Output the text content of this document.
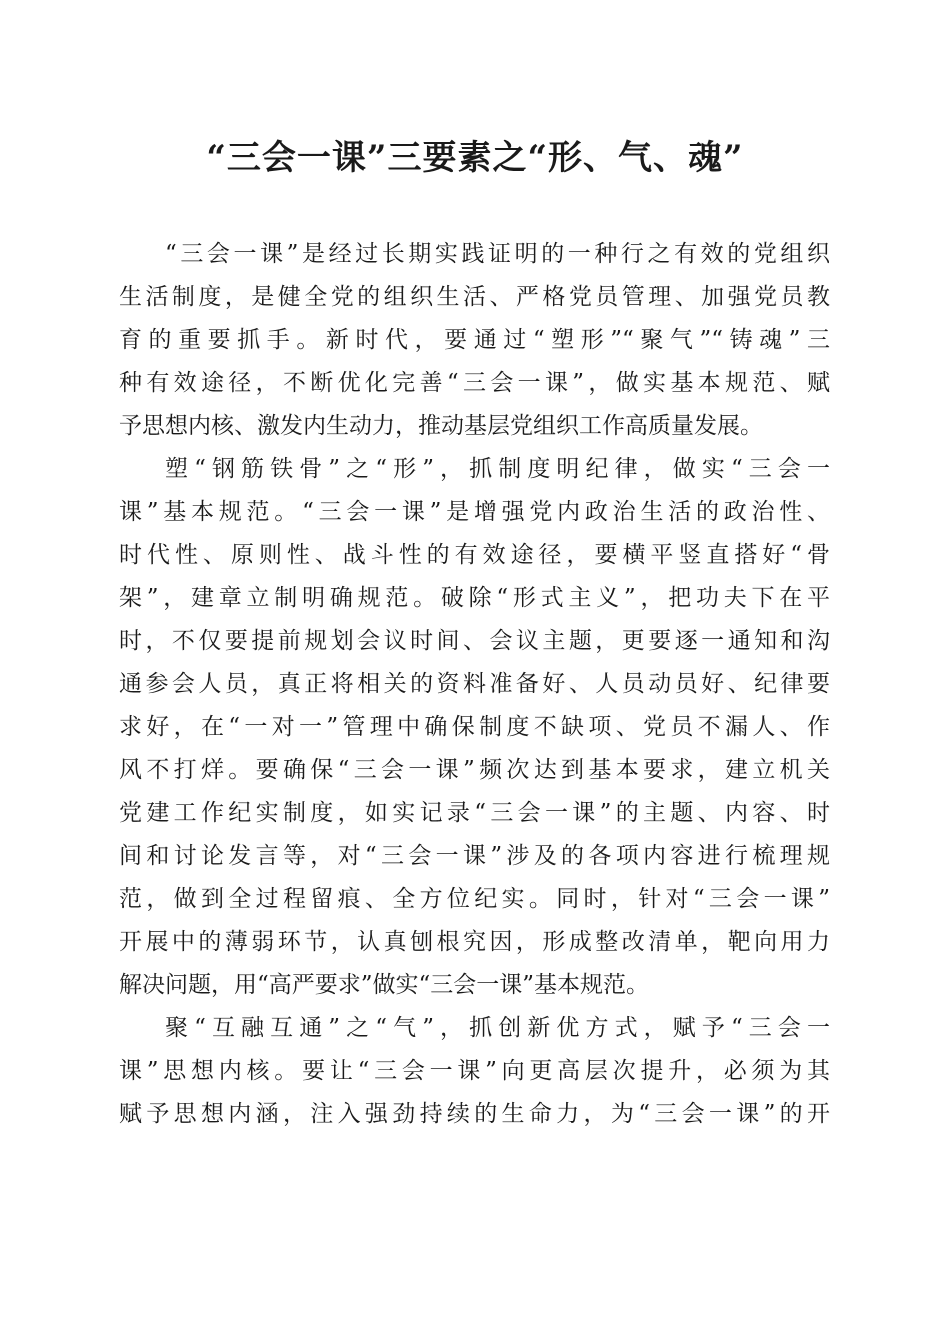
“三会一课”三要素之“形、气、魂”
“三会一课”是经过长期实践证明的一种行之有效的党组织
生活制度，是健全党的组织生活、严格党员管理、加强党员教
育的重要抓手。新时代，要通过“塑形”“聚气”“铸魂”三
种有效途径，不断优化完善“三会一课”，做实基本规范、赋
予思想内核、激发内生动力，推动基层党组织工作高质量发展。
塑“钢筋铁骨”之“形”，抓制度明纪律，做实“三会一
课”基本规范。“三会一课”是增强党内政治生活的政治性、
时代性、原则性、战斗性的有效途径，要横平竖直搭好“骨
架”，建章立制明确规范。破除“形式主义”，把功夫下在平
时，不仅要提前规划会议时间、会议主题，更要逐一通知和沟
通参会人员，真正将相关的资料准备好、人员动员好、纪律要
求好，在“一对一”管理中确保制度不缺项、党员不漏人、作
风不打烊。要确保“三会一课”频次达到基本要求，建立机关
党建工作纪实制度，如实记录“三会一课”的主题、内容、时
间和讨论发言等，对“三会一课”涉及的各项内容进行梳理规
范，做到全过程留痕、全方位纪实。同时，针对“三会一课”
开展中的薄弱环节，认真刨根究因，形成整改清单，靶向用力
解决问题，用“高严要求”做实“三会一课”基本规范。
聚“互融互通”之“气”，抓创新优方式，赋予“三会一
课”思想内核。要让“三会一课”向更高层次提升，必须为其
赋予思想内涵，注入强劲持续的生命力，为“三会一课”的开
